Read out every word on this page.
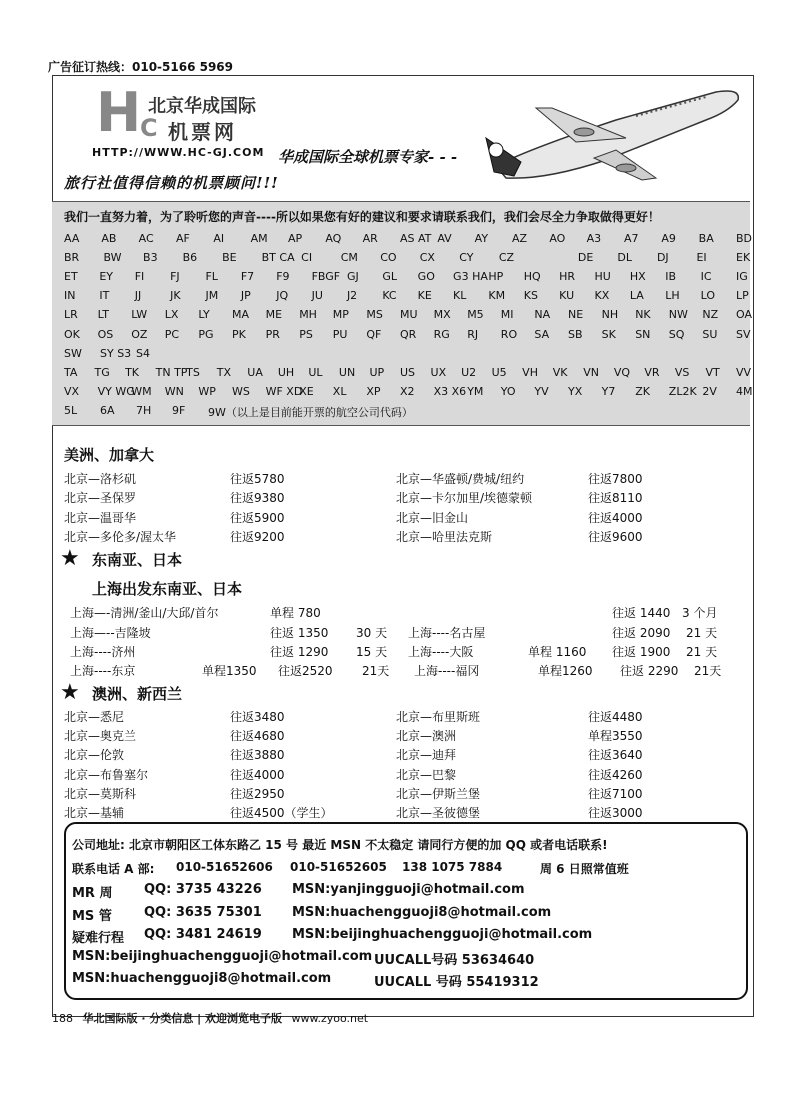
广告征订热线：010-5166 5969
H C
北京华成国际
机票网
HTTP://WWW.HC-GJ.COM 华成国际全球机票专家- - -
旅行社值得信赖的机票顾问!!!
我们一直努力着，为了聆听您的声音----所以如果您有好的建议和要求请联系我们，我们会尽全力争取做得更好！
AA AB AC AF AI AM AP AQ AR AS AT AV AY AZ AO A3 A7 A9 BA BD
BR BW B3 B6 BE BT CA CI	CM CO CX CY CZ	DE DL DJ	EI	EK
ET EY FI FJ FL F7 F9 FBGF GJ GL GO G3 HA HP HQ HR HU HX IB IC IG
IN IT JJ	JK JM JP JQ JU J2 KC KE KL KM KS KU KX LA LH LO LP
LR LT LW LX LY MA ME MH MP MS MU MX M5 MI NA NE NH NK NW NZ OA
OK OS OZ PC PG PK PR PS PU QF QR RG RJ RO SA SB SK SN SQ SU SV
SW SY S3 S4
TA TG TK TN TP
TS TX UA UH UL UN UP US UX U2 U5 VH VK VN VQ VR VS VT VV
VX VY WG
WM WN WP WS WF XD
XE XL XP X2 X3 X6 YM YO YV YX Y7 ZK ZL2K 2V 4M
5L 6A 7H 9F 9W（以上是目前能开票的航空公司代码）
美洲、加拿大
北京—洛杉矶	往返5780	北京—华盛顿/费城/纽约	往返7800
北京—圣保罗	往返9380	北京—卡尔加里/埃德蒙顿	往返8110
北京—温哥华	往返5900	北京—旧金山	往返4000
北京—多伦多/渥太华	往返9200	北京—哈里法克斯	往返9600
★ 东南亚、日本
上海出发东南亚、日本
上海—-清洲/釜山/大邱/首尔	单程 780	往返 1440 3 个月
上海—--吉隆坡	往返 1350 30 天 上海----名古屋	往返 2090 21 天
上海----济州	往返 1290 15 天 上海----大阪	单程 1160 往返 1900 21 天
上海----东京	单程1350 往返2520 21天 上海----福冈	单程1260 往返 2290 21天
★ 澳洲、新西兰
北京—悉尼	往返3480	北京—布里斯班	往返4480
北京—奥克兰	往返4680	北京—澳洲	单程3550
北京—伦敦	往返3880	北京—迪拜	往返3640
北京—布鲁塞尔	往返4000	北京—巴黎	往返4260
北京—莫斯科	往返2950	北京—伊斯兰堡	往返7100
北京—基辅	往返4500（学生）	北京—圣彼德堡	往返3000
公司地址: 北京市朝阳区工体东路乙 15 号 最近 MSN 不太稳定 请同行方便的加 QQ 或者电话联系!
联系电话 A 部: 010-51652606 010-51652605 138 1075 7884	周 6 日照常值班
MR 周 QQ: 3735 43226 MSN:yanjingguoji@hotmail.com
MS 管 QQ: 3635 75301 MSN:huachengguoji8@hotmail.com
疑难行程 QQ: 3481 24619 MSN:beijinghuachengguoji@hotmail.com
MSN:beijinghuachengguoji@hotmail.com UUCALL号码 53634640
MSN:huachengguoji8@hotmail.com	UUCALL 号码 55419312
188 华北国际版 · 分类信息 | 欢迎浏览电子版 www.zyoo.net
